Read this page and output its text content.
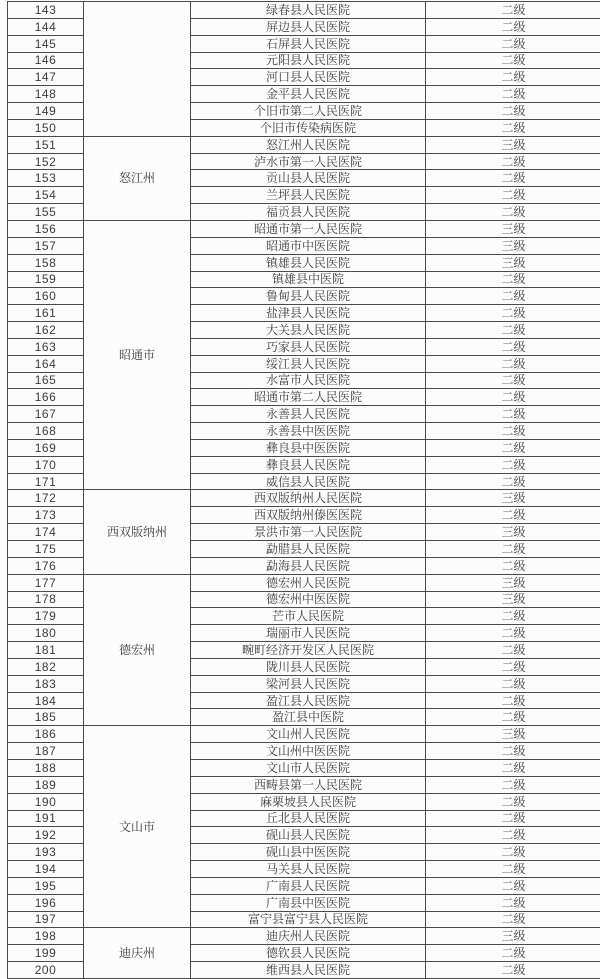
143		绿春县人民医院	二级
144		屏边县人民医院	二级
145		石屏县人民医院	二级
146		元阳县人民医院	二级
147		河口县人民医院	二级
148		金平县人民医院	二级
149		个旧市第二人民医院	二级
150		个旧市传染病医院	二级
151	怒江州	怒江州人民医院	三级
152		泸水市第一人民医院	二级
153		贡山县人民医院	二级
154		兰坪县人民医院	二级
155		福贡县人民医院	二级
156	昭通市	昭通市第一人民医院	三级
157		昭通市中医医院	三级
158		镇雄县人民医院	三级
159		镇雄县中医院	二级
160		鲁甸县人民医院	二级
161		盐津县人民医院	二级
162		大关县人民医院	二级
163		巧家县人民医院	二级
164		绥江县人民医院	二级
165		水富市人民医院	二级
166		昭通市第二人民医院	二级
167		永善县人民医院	二级
168		永善县中医医院	二级
169		彝良县中医医院	二级
170		彝良县人民医院	二级
171		威信县人民医院	二级
172	西双版纳州	西双版纳州人民医院	三级
173		西双版纳州傣医医院	二级
174		景洪市第一人民医院	三级
175		勐腊县人民医院	二级
176		勐海县人民医院	二级
177	德宏州	德宏州人民医院	三级
178		德宏州中医医院	三级
179		芒市人民医院	二级
180		瑞丽市人民医院	二级
181		畹町经济开发区人民医院	二级
182		陇川县人民医院	二级
183		梁河县人民医院	二级
184		盈江县人民医院	二级
185		盈江县中医院	二级
186	文山市	文山州人民医院	三级
187		文山州中医医院	二级
188		文山市人民医院	二级
189		西畴县第一人民医院	二级
190		麻栗坡县人民医院	二级
191		丘北县人民医院	二级
192		砚山县人民医院	二级
193		砚山县中医医院	二级
194		马关县人民医院	二级
195		广南县人民医院	二级
196		广南县中医医院	二级
197		富宁县富宁县人民医院	二级
198	迪庆州	迪庆州人民医院	三级
199		德钦县人民医院	二级
200		维西县人民医院	二级
